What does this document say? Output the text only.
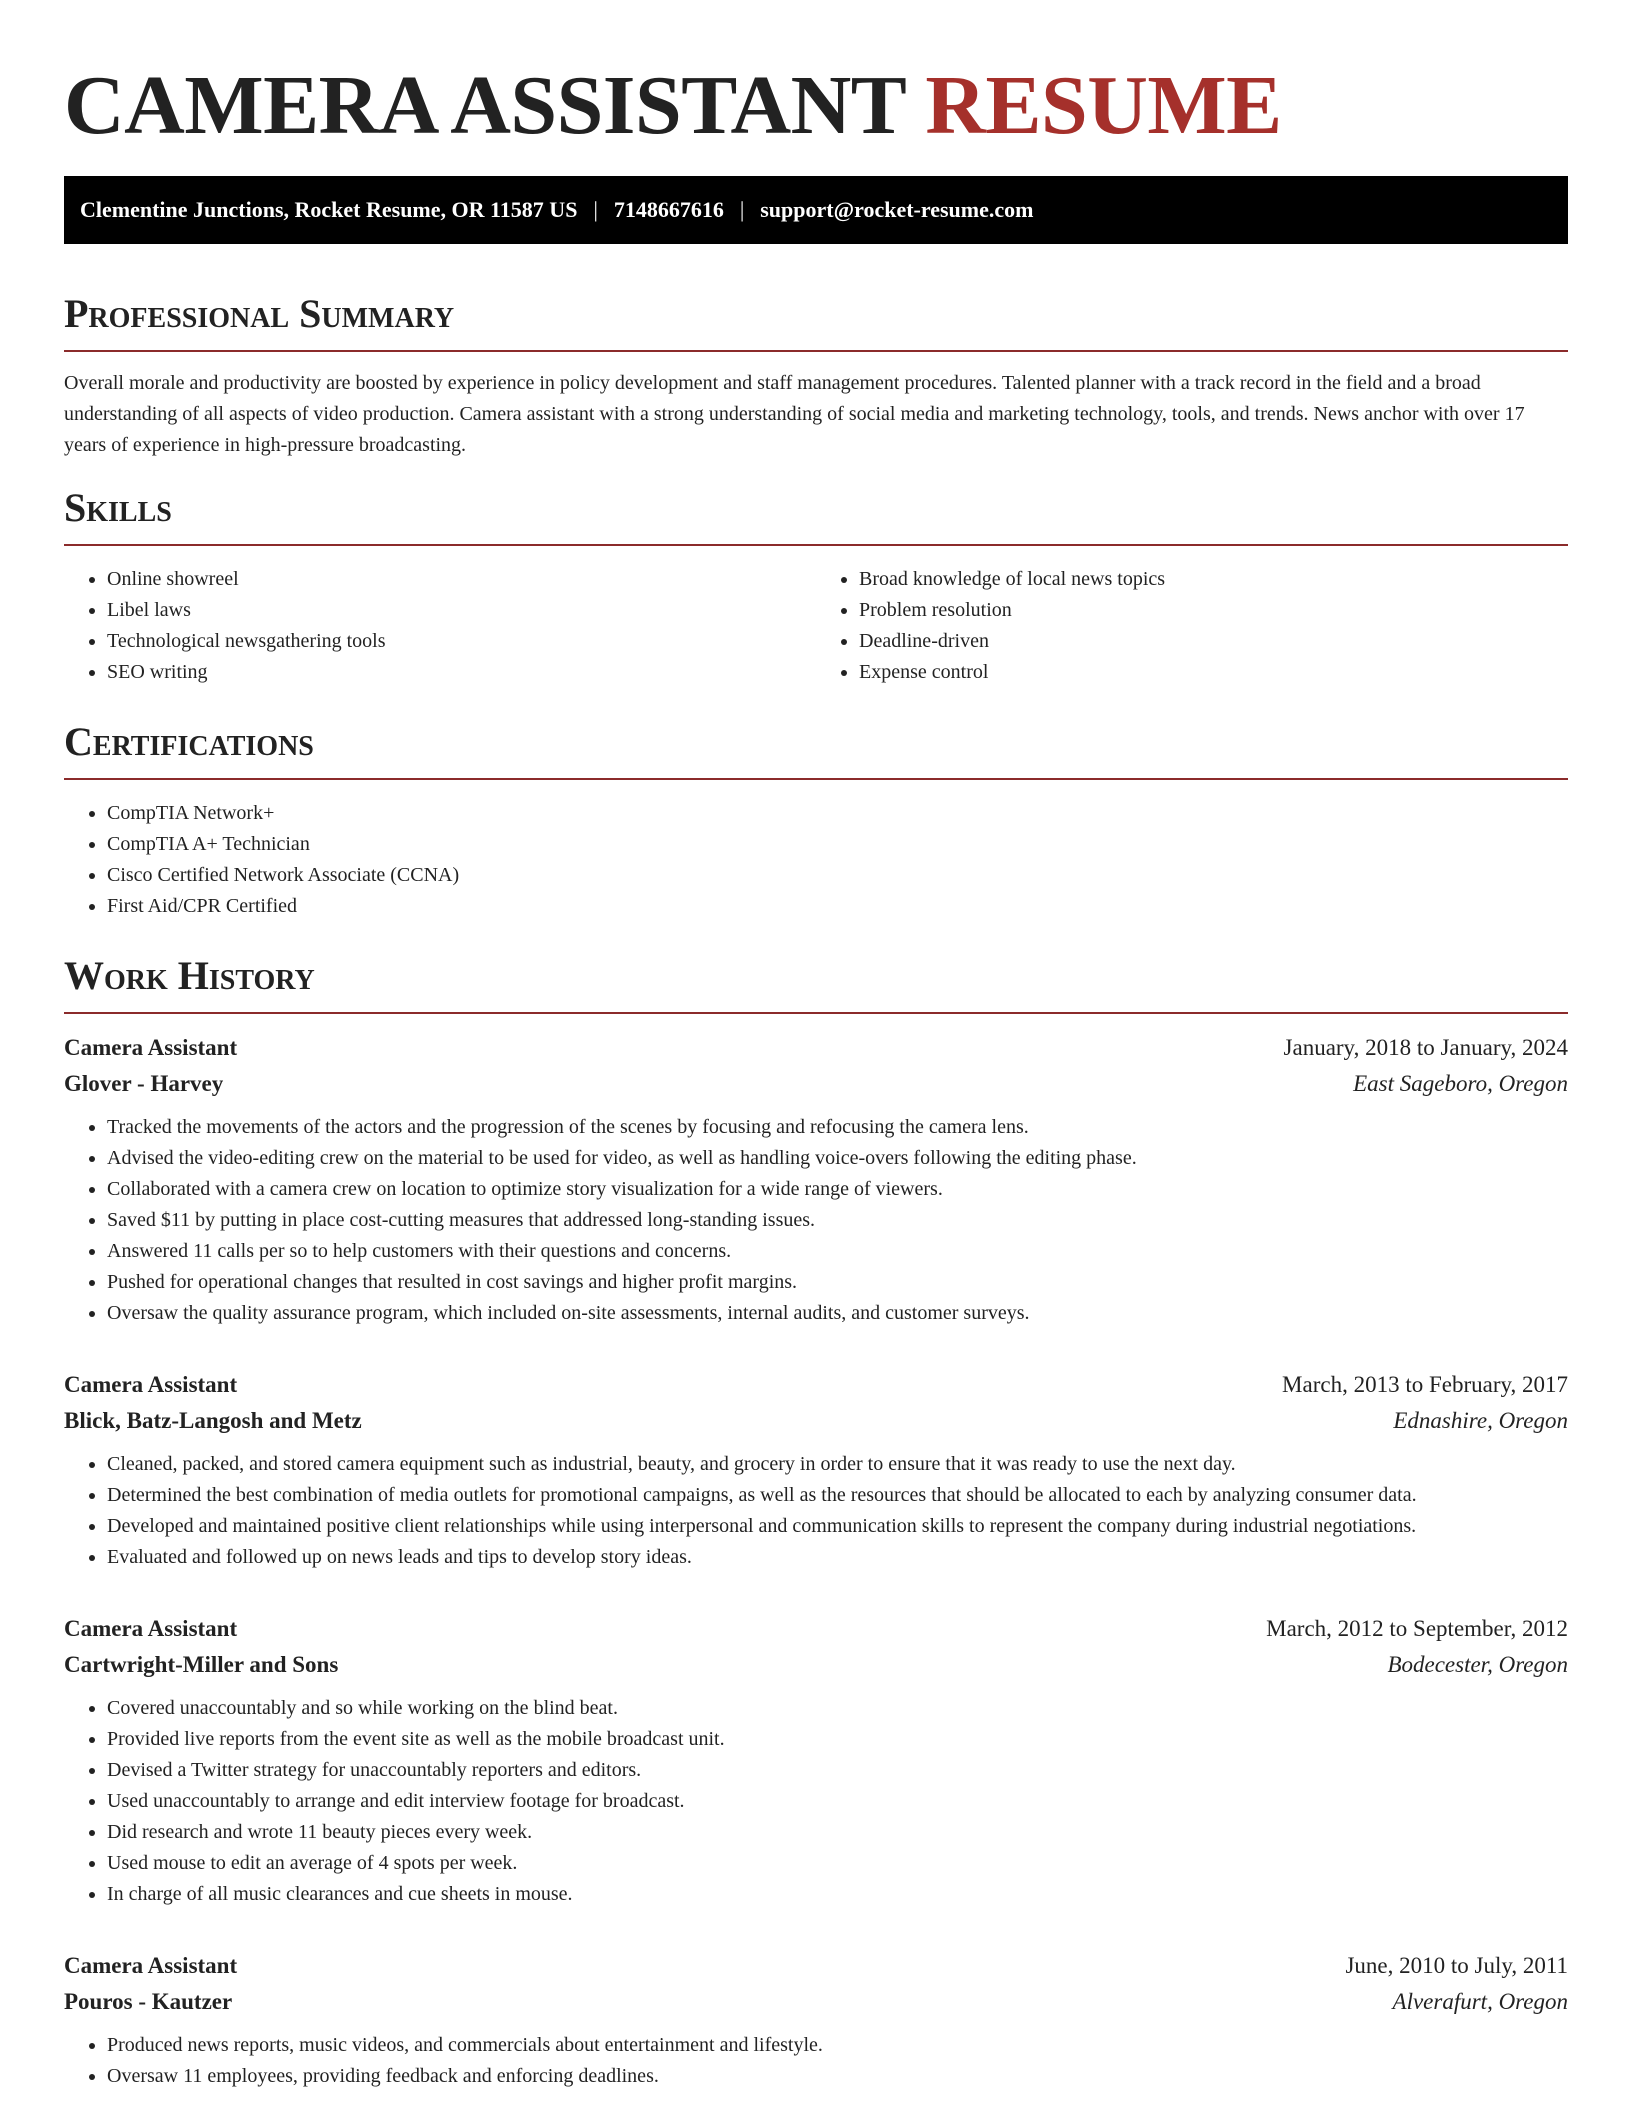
CAMERA ASSISTANT RESUME
Clementine Junctions, Rocket Resume, OR 11587 US | 7148667616 | support@rocket-resume.com
Professional Summary

Overall morale and productivity are boosted by experience in policy development and staff management procedures. Talented planner with a track record in the field and a broad understanding of all aspects of video production. Camera assistant with a strong understanding of social media and marketing technology, tools, and trends. News anchor with over 17 years of experience in high-pressure broadcasting.

Skills
• Online showreel
• Libel laws
• Technological newsgathering tools
• SEO writing
• Broad knowledge of local news topics
• Problem resolution
• Deadline-driven
• Expense control
Certifications
• CompTIA Network+
• CompTIA A+ Technician
• Cisco Certified Network Associate (CCNA)
• First Aid/CPR Certified
Work History
Camera Assistant	January, 2018 to January, 2024
Glover - Harvey	East Sageboro, Oregon
• Tracked the movements of the actors and the progression of the scenes by focusing and refocusing the camera lens.
• Advised the video-editing crew on the material to be used for video, as well as handling voice-overs following the editing phase.
• Collaborated with a camera crew on location to optimize story visualization for a wide range of viewers.
• Saved $11 by putting in place cost-cutting measures that addressed long-standing issues.
• Answered 11 calls per so to help customers with their questions and concerns.
• Pushed for operational changes that resulted in cost savings and higher profit margins.
• Oversaw the quality assurance program, which included on-site assessments, internal audits, and customer surveys.
Camera Assistant	March, 2013 to February, 2017
Blick, Batz-Langosh and Metz	Ednashire, Oregon
• Cleaned, packed, and stored camera equipment such as industrial, beauty, and grocery in order to ensure that it was ready to use the next day.
• Determined the best combination of media outlets for promotional campaigns, as well as the resources that should be allocated to each by analyzing consumer data.
• Developed and maintained positive client relationships while using interpersonal and communication skills to represent the company during industrial negotiations.
• Evaluated and followed up on news leads and tips to develop story ideas.
Camera Assistant	March, 2012 to September, 2012
Cartwright-Miller and Sons	Bodecester, Oregon
• Covered unaccountably and so while working on the blind beat.
• Provided live reports from the event site as well as the mobile broadcast unit.
• Devised a Twitter strategy for unaccountably reporters and editors.
• Used unaccountably to arrange and edit interview footage for broadcast.
• Did research and wrote 11 beauty pieces every week.
• Used mouse to edit an average of 4 spots per week.
• In charge of all music clearances and cue sheets in mouse.
Camera Assistant	June, 2010 to July, 2011
Pouros - Kautzer	Alverafurt, Oregon
• Produced news reports, music videos, and commercials about entertainment and lifestyle.
• Oversaw 11 employees, providing feedback and enforcing deadlines.
